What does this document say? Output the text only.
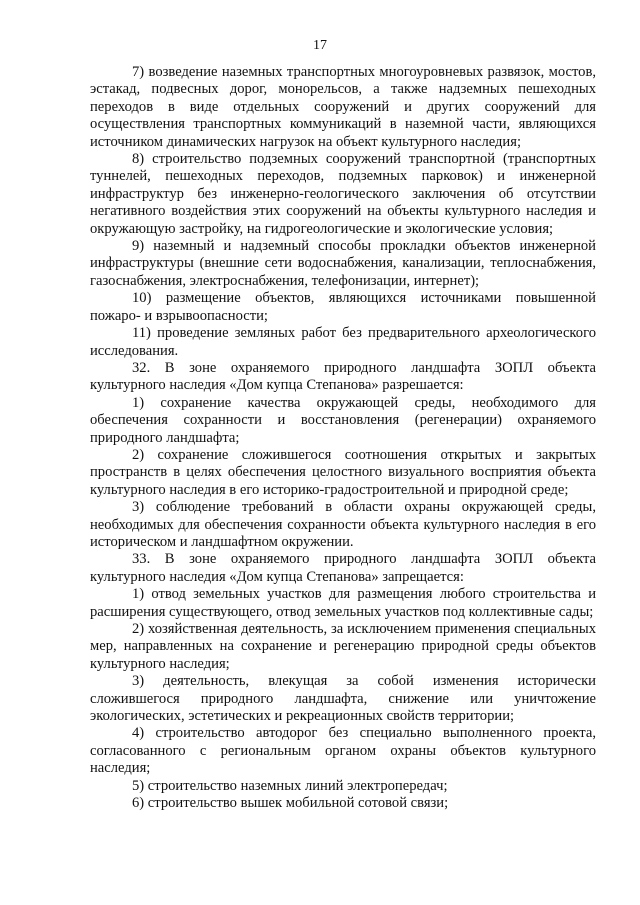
17

7) возведение наземных транспортных многоуровневых развязок, мостов, эстакад, подвесных дорог, монорельсов, а также надземных пешеходных переходов в виде отдельных сооружений и других сооружений для осуществления транспортных коммуникаций в наземной части, являющихся источником динамических нагрузок на объект культурного наследия;

8) строительство подземных сооружений транспортной (транспортных туннелей, пешеходных переходов, подземных парковок) и инженерной инфраструктур без инженерно-геологического заключения об отсутствии негативного воздействия этих сооружений на объекты культурного наследия и окружающую застройку, на гидрогеологические и экологические условия;

9) наземный и надземный способы прокладки объектов инженерной инфраструктуры (внешние сети водоснабжения, канализации, теплоснабжения, газоснабжения, электроснабжения, телефонизации, интернет);

10) размещение объектов, являющихся источниками повышенной пожаро- и взрывоопасности;

11) проведение земляных работ без предварительного археологического исследования.

32. В зоне охраняемого природного ландшафта ЗОПЛ объекта культурного наследия «Дом купца Степанова» разрешается:

1) сохранение качества окружающей среды, необходимого для обеспечения сохранности и восстановления (регенерации) охраняемого природного ландшафта;

2) сохранение сложившегося соотношения открытых и закрытых пространств в целях обеспечения целостного визуального восприятия объекта культурного наследия в его историко-градостроительной и природной среде;

3) соблюдение требований в области охраны окружающей среды, необходимых для обеспечения сохранности объекта культурного наследия в его историческом и ландшафтном окружении.

33. В зоне охраняемого природного ландшафта ЗОПЛ объекта культурного наследия «Дом купца Степанова» запрещается:

1) отвод земельных участков для размещения любого строительства и расширения существующего, отвод земельных участков под коллективные сады;

2) хозяйственная деятельность, за исключением применения специальных мер, направленных на сохранение и регенерацию природной среды объектов культурного наследия;

3) деятельность, влекущая за собой изменения исторически сложившегося природного ландшафта, снижение или уничтожение экологических, эстетических и рекреационных свойств территории;

4) строительство автодорог без специально выполненного проекта, согласованного с региональным органом охраны объектов культурного наследия;

5) строительство наземных линий электропередач;

6) строительство вышек мобильной сотовой связи;
